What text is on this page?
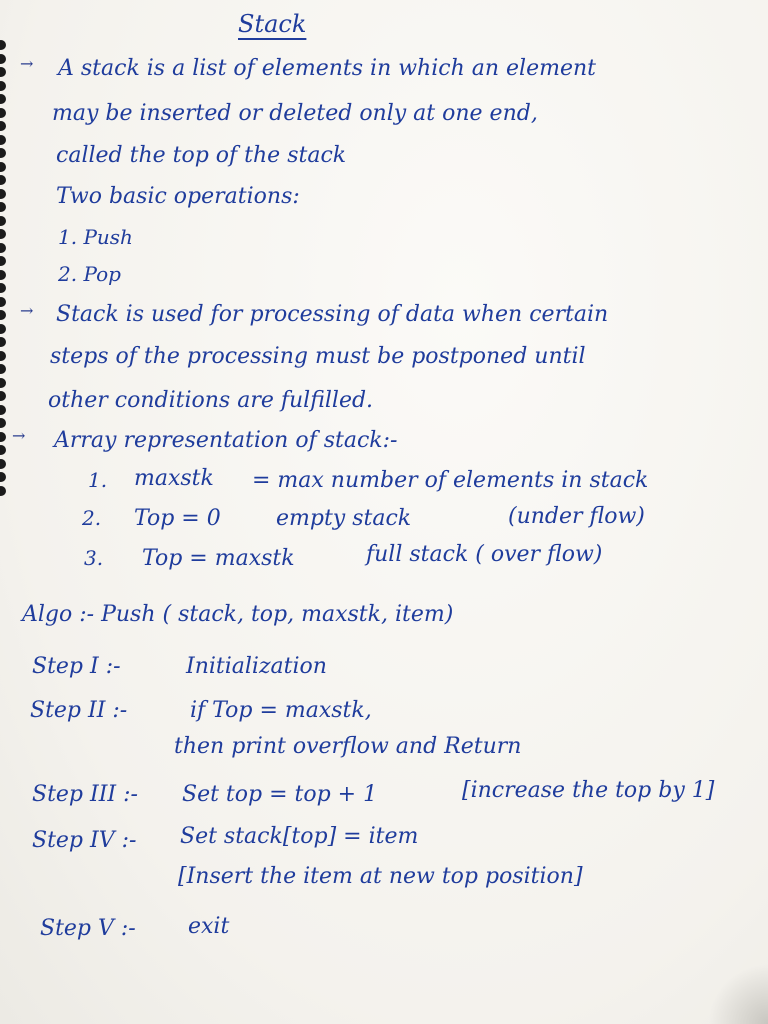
Stack
→ A stack is a list of elements in which an element
may be inserted or deleted only at one end,
called the top of the stack
Two basic operations:
1. Push
2. Pop
→ Stack is used for processing of data when certain
steps of the processing must be postponed until
other conditions are fulfilled.
→ Array representation of stack:-
1. maxstk = max number of elements in stack
2. Top = 0	empty stack	(under flow)
3. Top = maxstk	full stack ( over flow)
Algo :- Push ( stack, top, maxstk, item)
Step I :-	Initialization
Step II :-	if Top = maxstk,
then print overflow and Return
Step III :- Set top = top + 1	[increase the top by 1]
Step IV :- Set stack[top] = item
[Insert the item at new top position]
Step V :- exit
